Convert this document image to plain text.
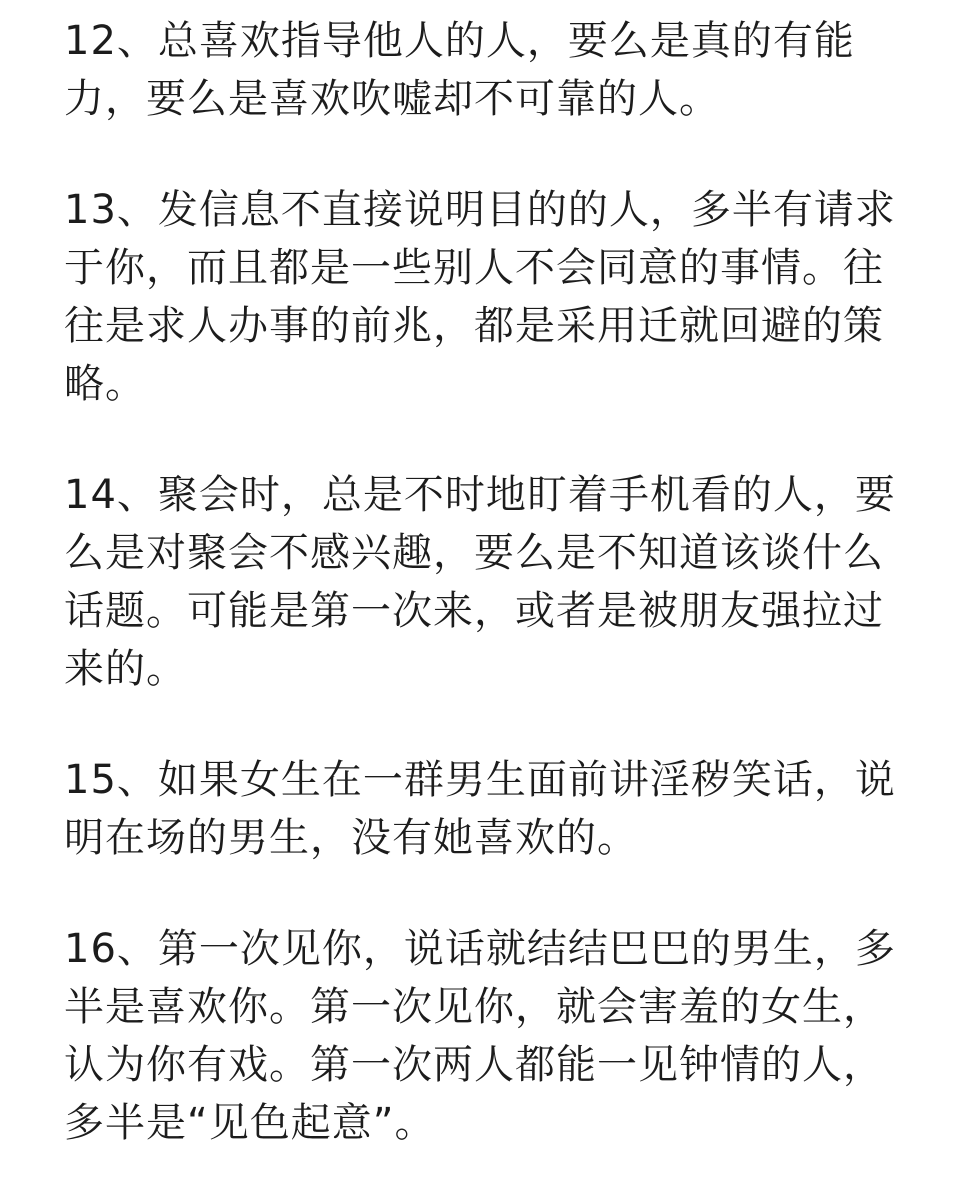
12、总喜欢指导他人的人，要么是真的有能
力，要么是喜欢吹嘘却不可靠的人。

13、发信息不直接说明目的的人，多半有请求
于你，而且都是一些别人不会同意的事情。往
往是求人办事的前兆，都是采用迁就回避的策
略。

14、聚会时，总是不时地盯着手机看的人，要
么是对聚会不感兴趣，要么是不知道该谈什么
话题。可能是第一次来，或者是被朋友强拉过
来的。

15、如果女生在一群男生面前讲淫秽笑话，说
明在场的男生，没有她喜欢的。

16、第一次见你，说话就结结巴巴的男生，多
半是喜欢你。第一次见你，就会害羞的女生，
认为你有戏。第一次两人都能一见钟情的人，
多半是“见色起意”。
